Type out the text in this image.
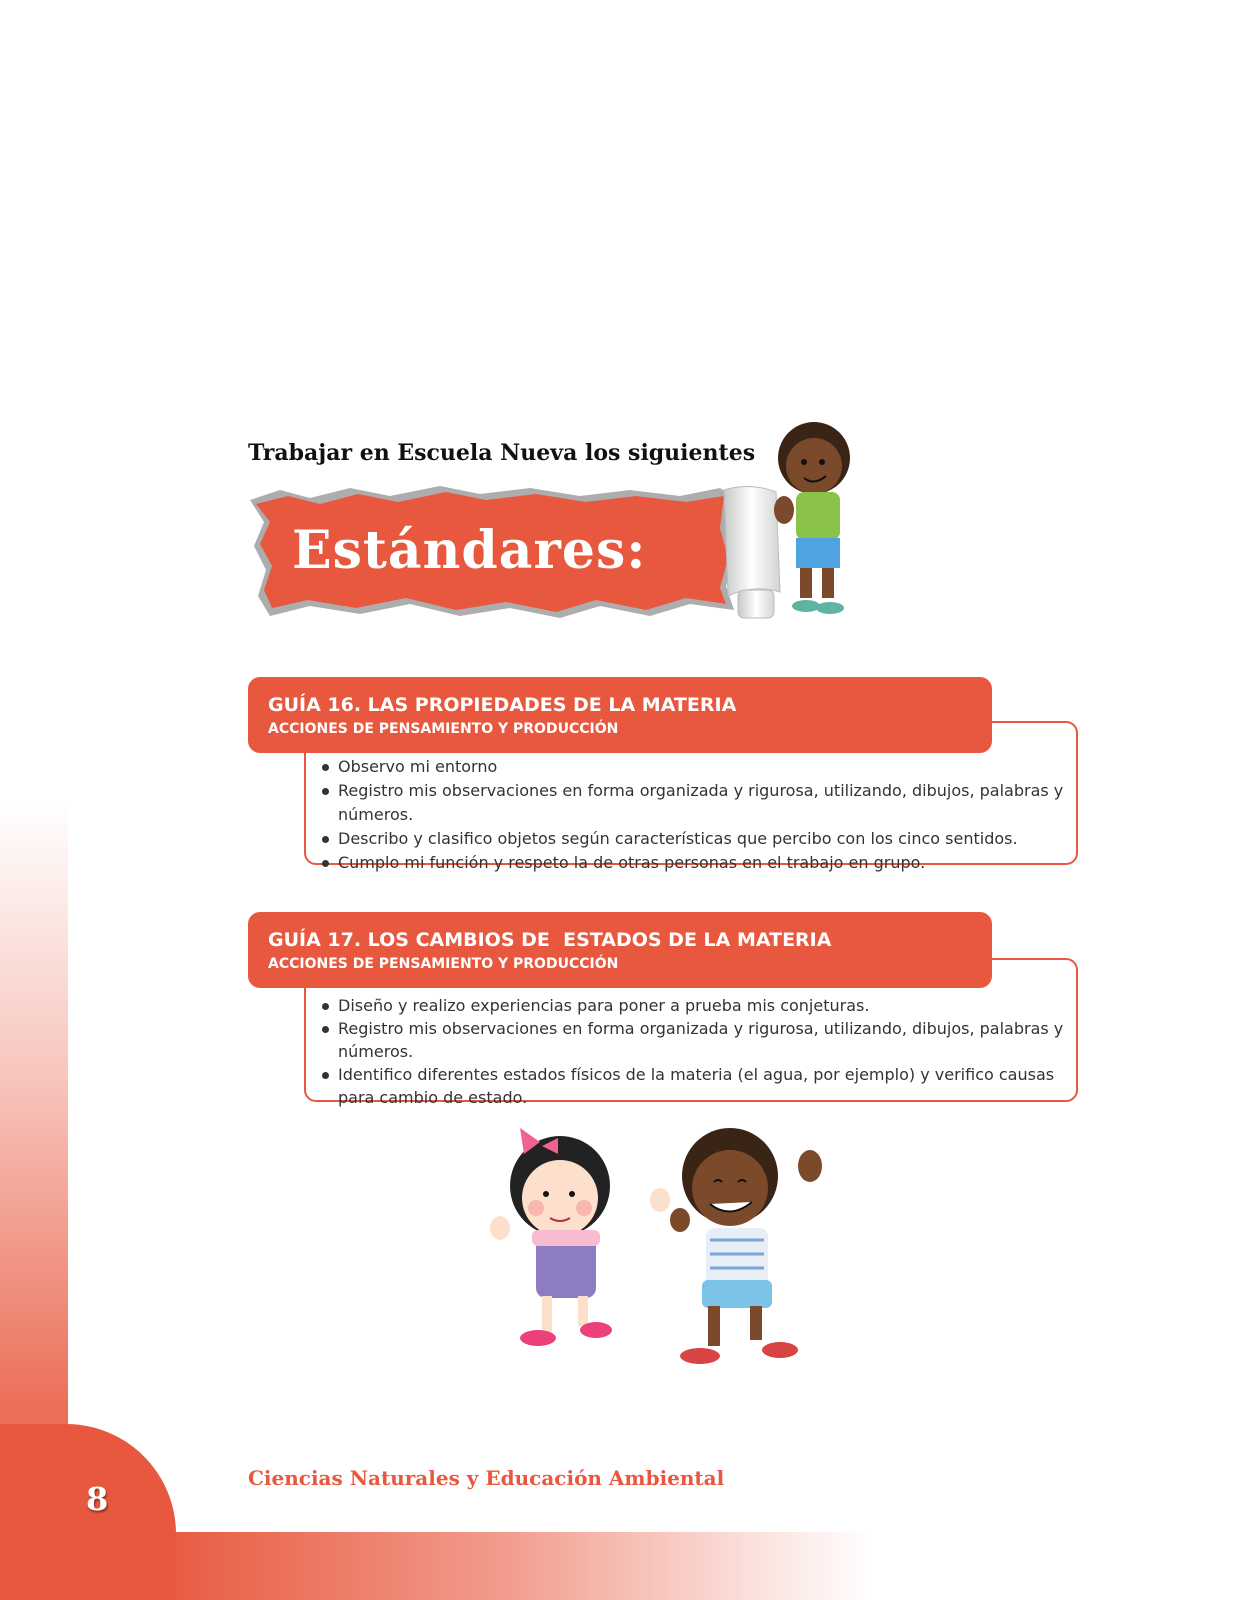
Trabajar en Escuela Nueva los siguientes
Estándares:
GUÍA 16. LAS PROPIEDADES DE LA MATERIA
ACCIONES DE PENSAMIENTO Y PRODUCCIÓN
Observo mi entorno
Registro mis observaciones en forma organizada y rigurosa, utilizando, dibujos, palabras y números.
Describo y clasifico objetos según características que percibo con los cinco sentidos.
Cumplo mi función y respeto la de otras personas en el trabajo en grupo.
GUÍA 17. LOS CAMBIOS DE  ESTADOS DE LA MATERIA
ACCIONES DE PENSAMIENTO Y PRODUCCIÓN
Diseño y realizo experiencias para poner a prueba mis conjeturas.
Registro mis observaciones en forma organizada y rigurosa, utilizando, dibujos, palabras y números.
Identifico diferentes estados físicos de la materia (el agua, por ejemplo) y verifico causas para cambio de estado.
Ciencias Naturales y Educación Ambiental
8
